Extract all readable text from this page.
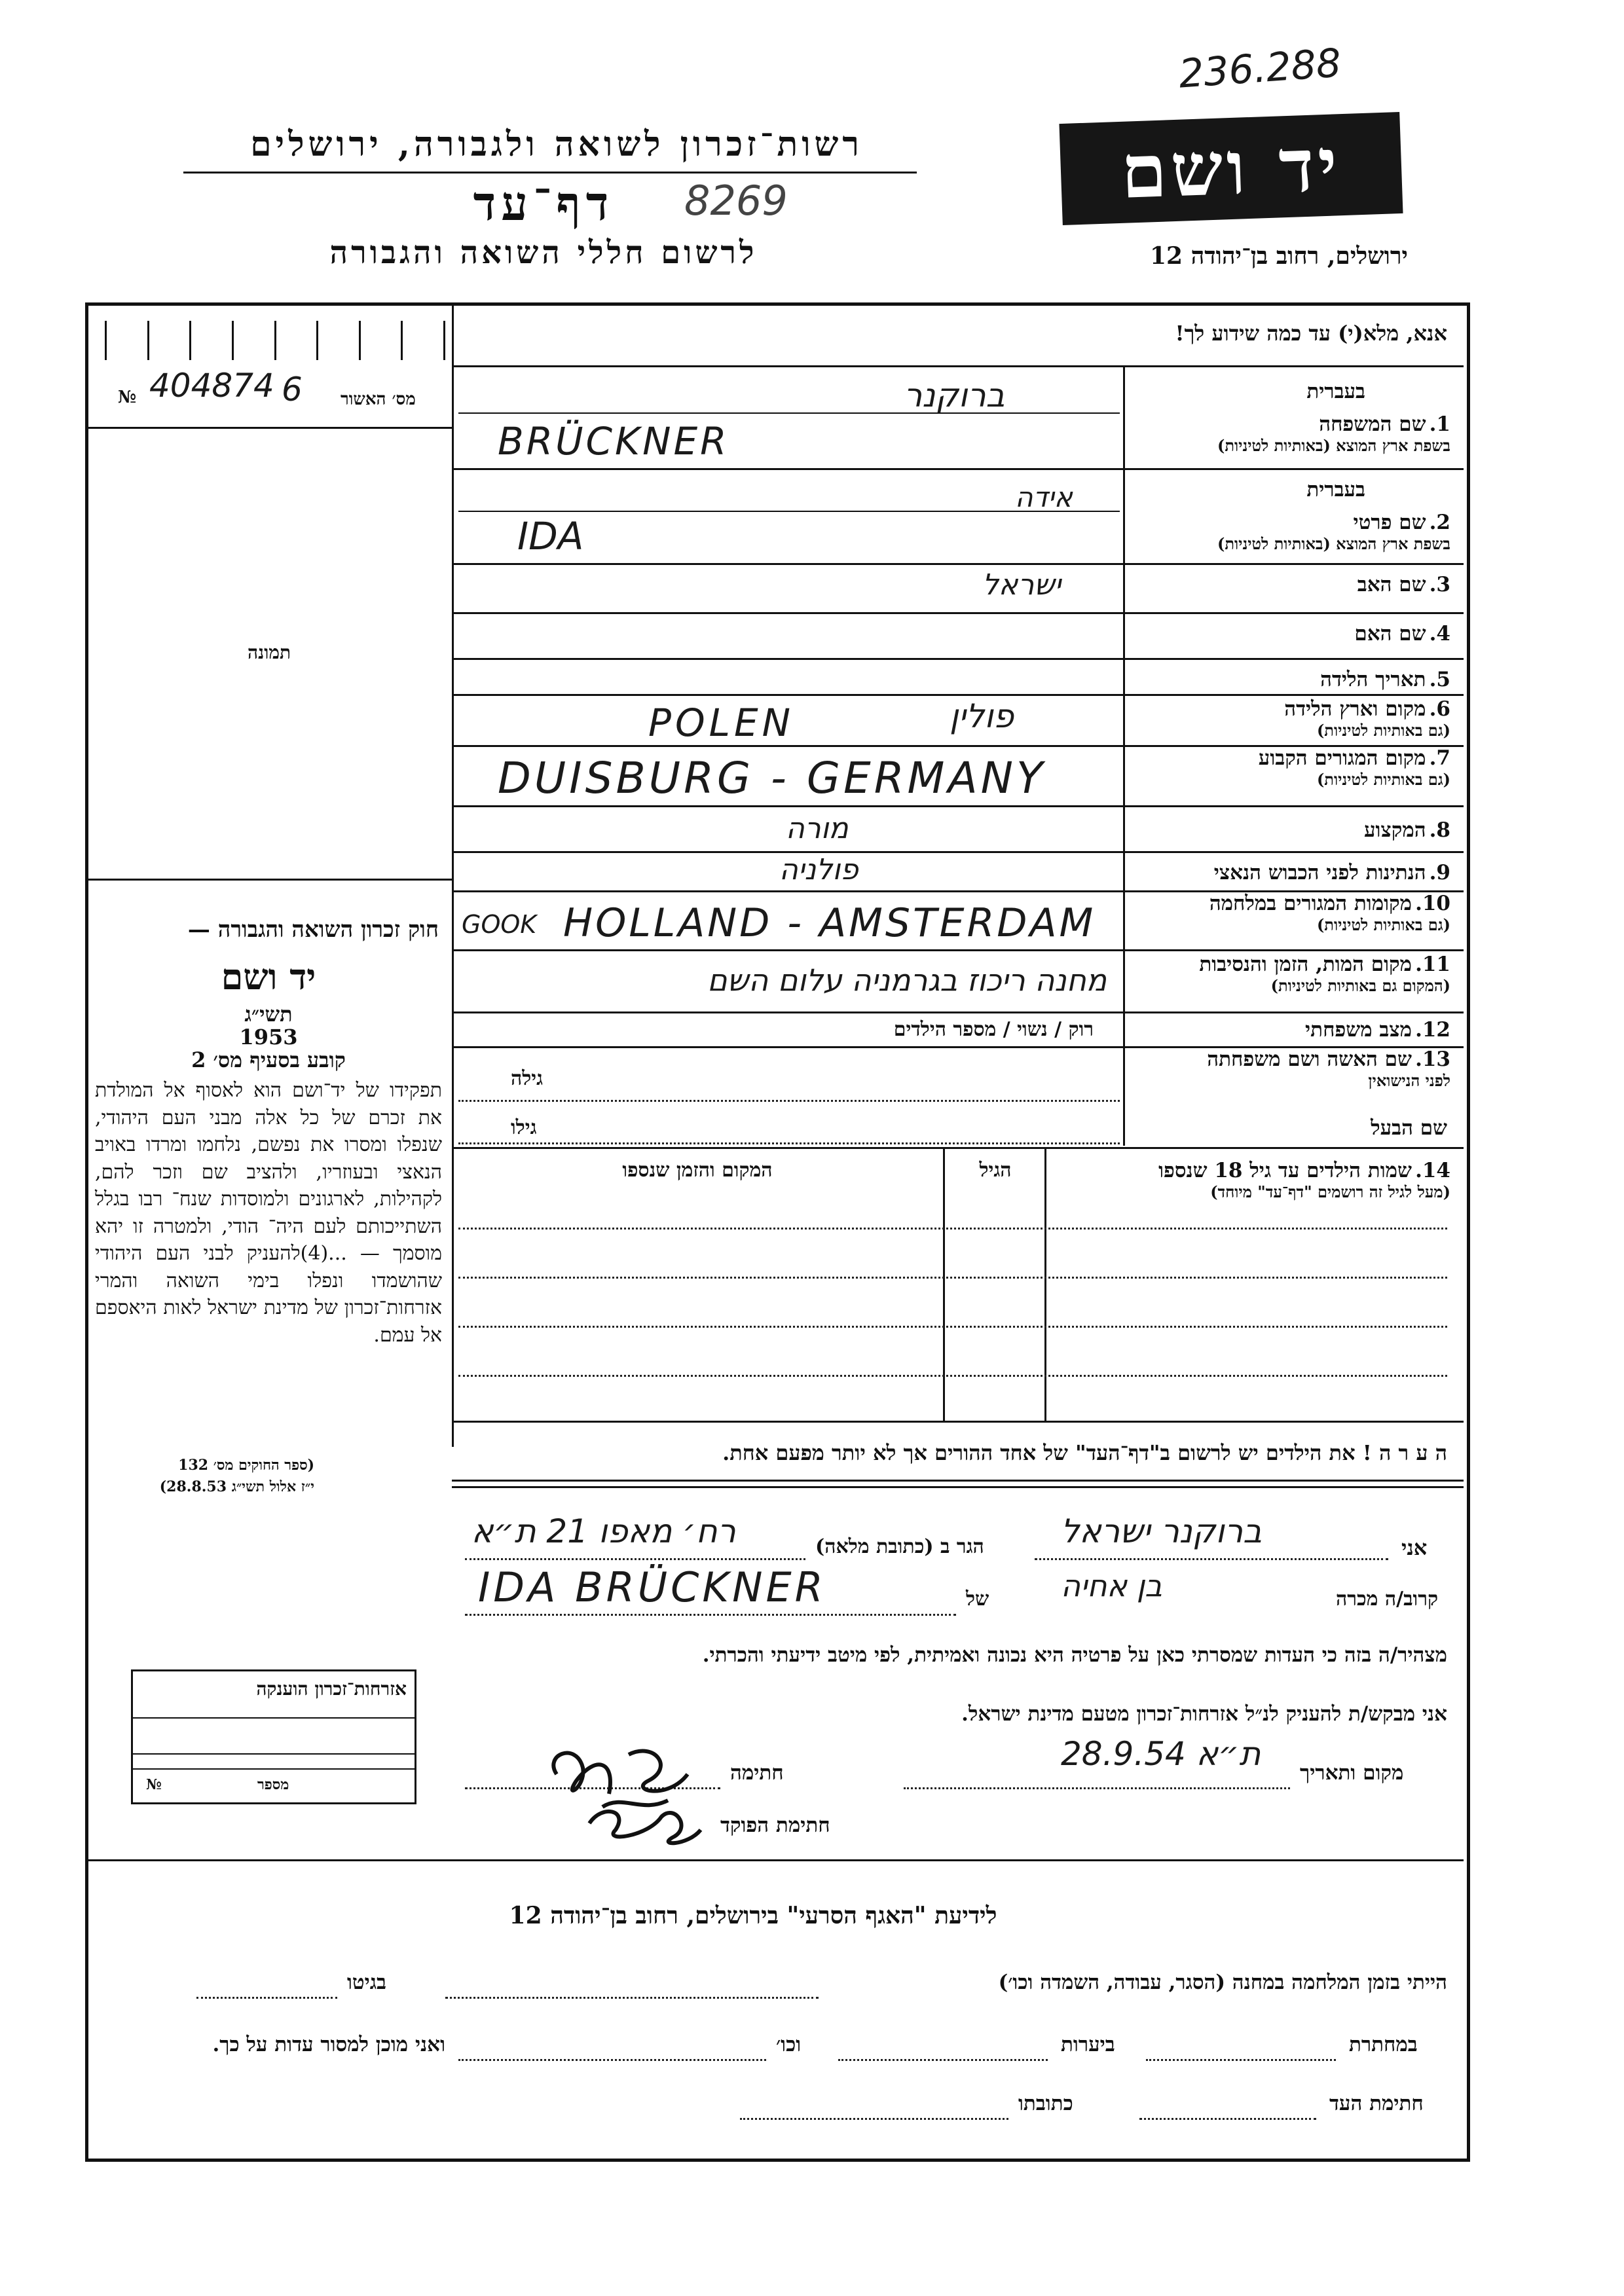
236.288
רשות־זכרון לשואה ולגבורה, ירושלים
דף־עד	8269
לרשום חללי השואה והגבורה
יד ושם
ירושלים, רחוב בן־יהודה 12
№ 404874 6 מס׳ האשור
תמונה
חוק זכרון השואה והגבורה —
יד ושם
תשי״ג
1953
קובע בסעיף מס׳ 2
תפקידו של יד־ושם הוא לאסוף אל המולדת את זכרם של כל אלה מבני העם היהודי, שנפלו ומסרו את נפשם, נלחמו ומרדו באויב הנאצי ובעוזריו, ולהציב שם וזכר להם, לקהילות, לארגונים ולמוסדות שנח־ רבו בגלל השתייכותם לעם היה־ הודי, ולמטרה זו יהא מוסמך — ...(4)להעניק לבני העם היהודי שהושמדו ונפלו בימי השואה והמרי אזרחות־זכרון של מדינת ישראל לאות היאספם אל עמם.
(ספר החוקים מס׳ 132
י״ז אלול תשי״ג 28.8.53)
אזרחות־זכרון הוענקה
№	מספר
אנא, מלא(י) עד כמה שידוע לך!
בעברית
1. שם המשפחה
בשפת ארץ המוצא (באותיות לטיניות)
ברוקנר
BRÜCKNER
בעברית
2. שם פרטי
בשפת ארץ המוצא (באותיות לטיניות)
אידה
IDA
3. שם האב
ישראל
4. שם האם
5. תאריך הלידה
6. מקום וארץ הלידה
(גם באותיות לטיניות)
POLEN	פולין
7. מקום המגורים הקבוע
(גם באותיות לטיניות)
DUISBURG - GERMANY
8. המקצוע
מורה
9. הנתינות לפני הכבוש הנאצי
פולניה
10. מקומות המגורים במלחמה
(גם באותיות לטיניות)
GOOK HOLLAND - AMSTERDAM
11. מקום המות, הזמן והנסיבות
(המקום גם באותיות לטיניות)
מחנה ריכוז בגרמניה עלום השם
12. מצב משפחתי
רוק / נשוי / מספר הילדים
13. שם האשה ושם משפחתה
לפני הנישואין
גילה
שם הבעל
גילו
14. שמות הילדים עד גיל 18 שנספו
(מעל לגיל זה רושמים "דף־עד" מיוחד)
הגיל
המקום והזמן שנספו
ה ע ר ה ! את הילדים יש לרשום ב"דף־העד" של אחד ההורים אך לא יותר מפעם אחת.
אני
ברוקנר ישראל
הגר ב (כתובת מלאה)
רח׳ מאפו 21 ת״א
קרוב/ה מכרה
בן אחיה
של
IDA BRÜCKNER
מצהיר/ה בזה כי העדות שמסרתי כאן על פרטיה היא נכונה ואמיתית, לפי מיטב ידיעתי והכרתי.
אני מבקש/ת להעניק לנ״ל אזרחות־זכרון מטעם מדינת ישראל.
מקום ותאריך
ת״א 28.9.54
חתימה
חתימת הפוקד
לידיעת "האגף הסרעי" בירושלים, רחוב בן־יהודה 12
הייתי בזמן המלחמה במחנה (הסגר, עבודה, השמדה וכו׳)
בגיטו
במחתרת
ביערות
וכו׳
ואני מוכן למסור עדות על כך.
חתימת העד
כתובתו
